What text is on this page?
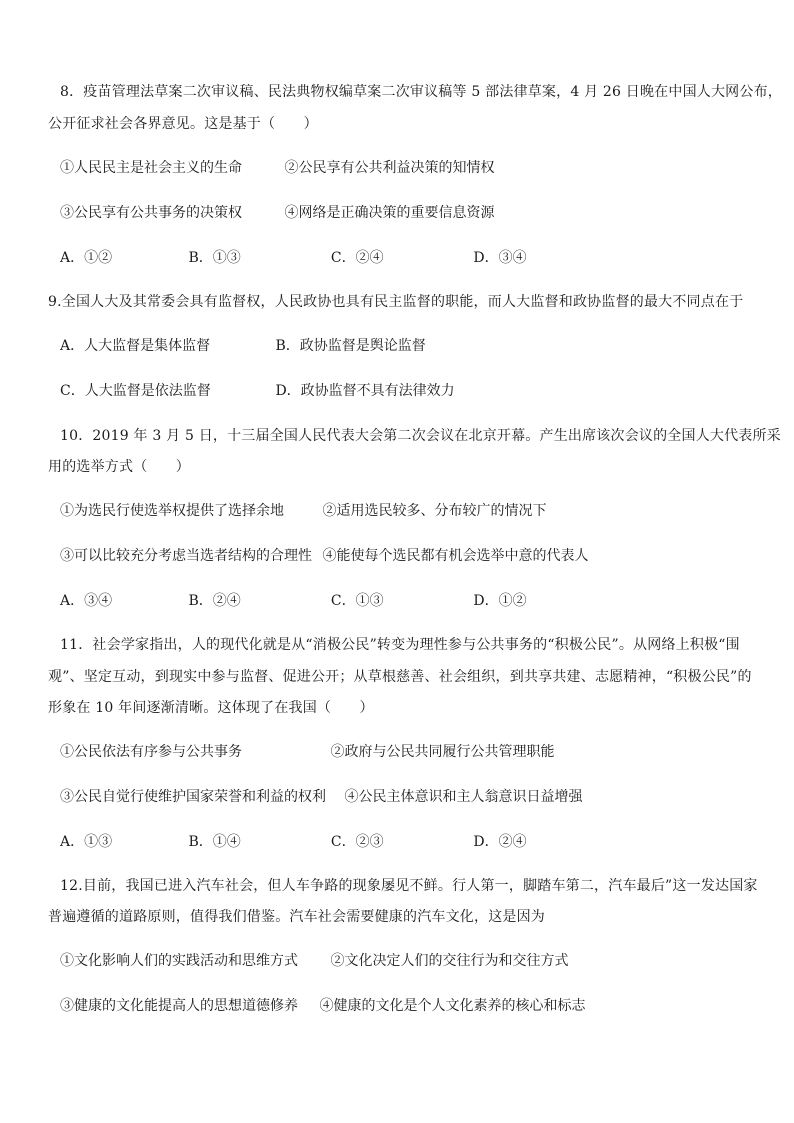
8．疫苗管理法草案二次审议稿、民法典物权编草案二次审议稿等 5 部法律草案，4 月 26 日晚在中国人大网公布，
公开征求社会各界意见。这是基于（　　）
①人民民主是社会主义的生命	②公民享有公共利益决策的知情权
③公民享有公共事务的决策权	④网络是正确决策的重要信息资源
A．①②	B．①③	C．②④	D．③④
9.全国人大及其常委会具有监督权，人民政协也具有民主监督的职能，而人大监督和政协监督的最大不同点在于
A．人大监督是集体监督	B．政协监督是舆论监督
C．人大监督是依法监督	D．政协监督不具有法律效力
10．2019 年 3 月 5 日，十三届全国人民代表大会第二次会议在北京开幕。产生出席该次会议的全国人大代表所采
用的选举方式（　　）
①为选民行使选举权提供了选择余地	②适用选民较多、分布较广的情况下
③可以比较充分考虑当选者结构的合理性 ④能使每个选民都有机会选举中意的代表人
A．③④	B．②④	C．①③	D．①②
11．社会学家指出，人的现代化就是从“消极公民”转变为理性参与公共事务的“积极公民”。从网络上积极“围
观”、坚定互动，到现实中参与监督、促进公开；从草根慈善、社会组织，到共享共建、志愿精神，“积极公民”的
形象在 10 年间逐渐清晰。这体现了在我国（　　）
①公民依法有序参与公共事务	②政府与公民共同履行公共管理职能
③公民自觉行使维护国家荣誉和利益的权利 ④公民主体意识和主人翁意识日益增强
A．①③	B．①④	C．②③	D．②④
12.目前，我国已进入汽车社会，但人车争路的现象屡见不鲜。行人第一，脚踏车第二，汽车最后”这一发达国家
普遍遵循的道路原则，值得我们借鉴。汽车社会需要健康的汽车文化，这是因为
①文化影响人们的实践活动和思维方式 ②文化决定人们的交往行为和交往方式
③健康的文化能提高人的思想道德修养 ④健康的文化是个人文化素养的核心和标志
